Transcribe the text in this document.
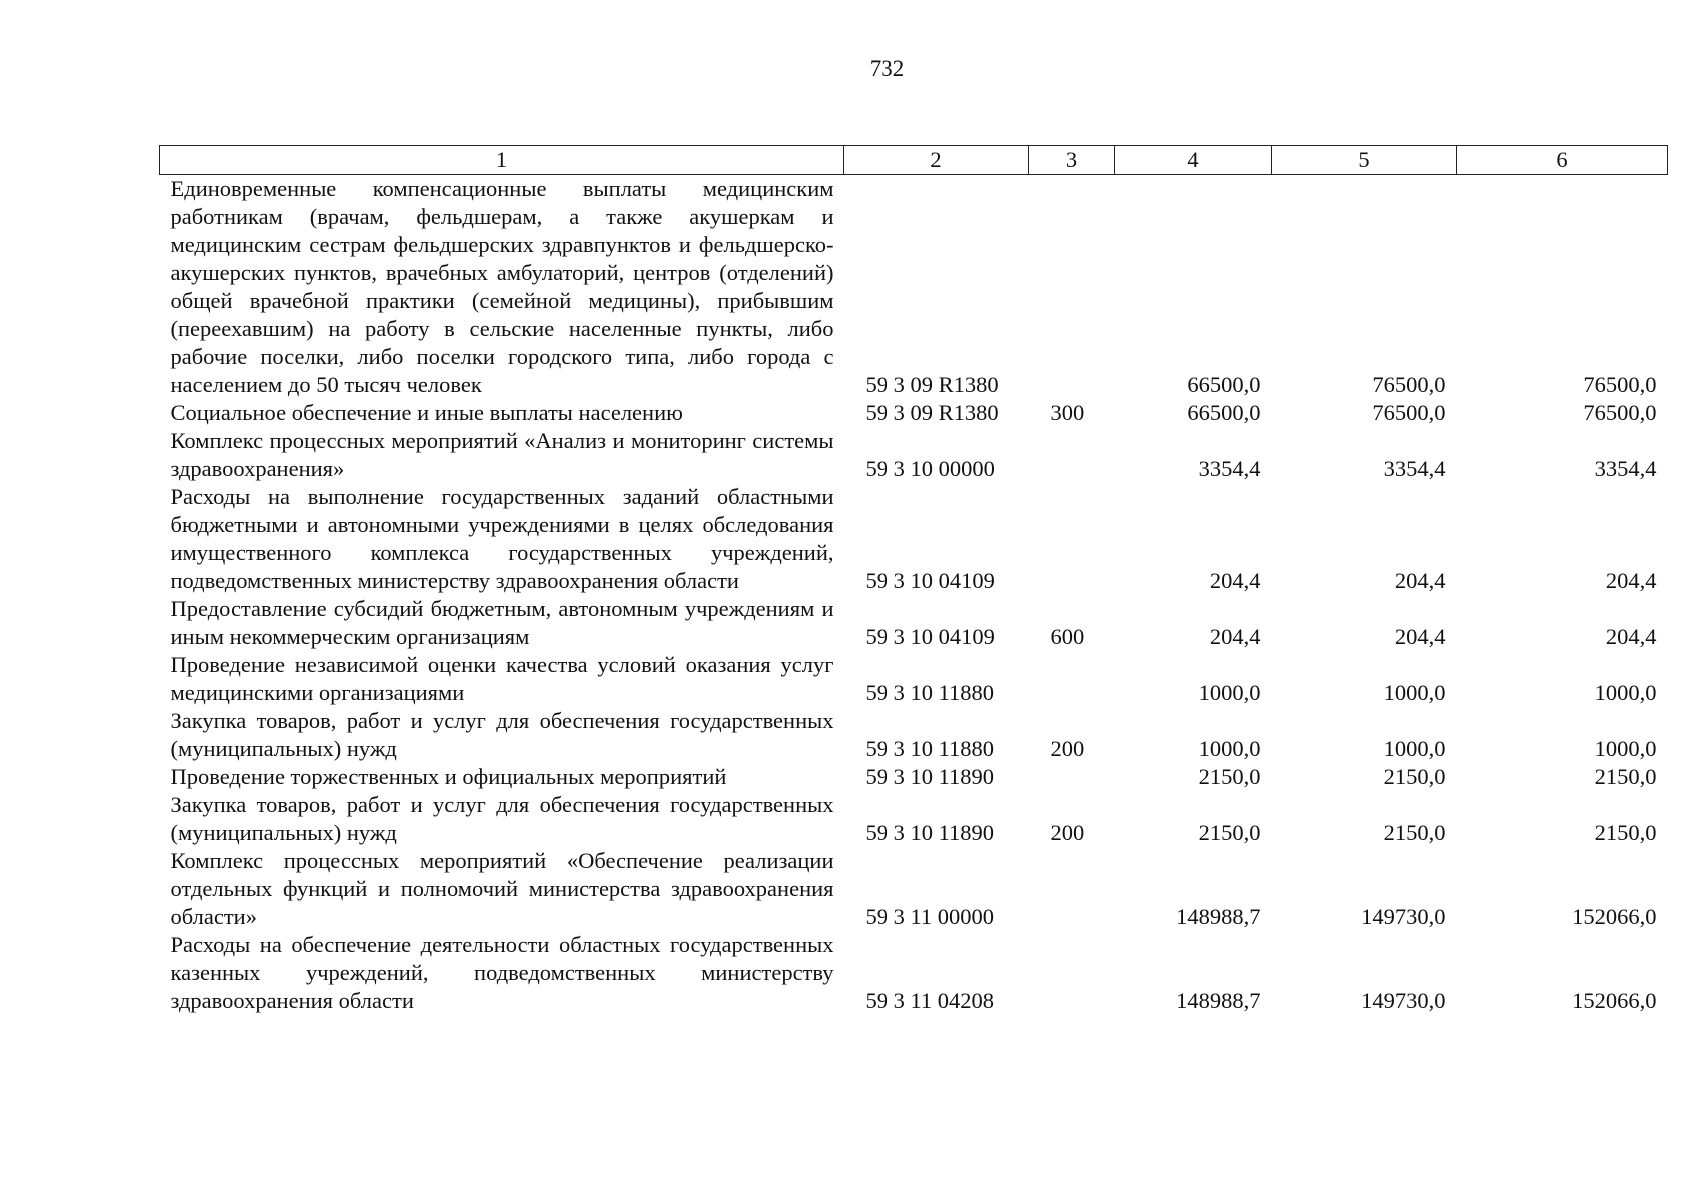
732
1	2	3	4	5	6
Единовременные компенсационные выплаты медицинским работникам (врачам, фельдшерам, а также акушеркам и медицинским сестрам фельдшерских здравпунктов и фельдшерско-акушерских пунктов, врачебных амбулаторий, центров (отделений) общей врачебной практики (семейной медицины), прибывшим (переехавшим) на работу в сельские населенные пункты, либо рабочие поселки, либо поселки городского типа, либо города с населением до 50 тысяч человек	59 3 09 R1380		66500,0	76500,0	76500,0
Социальное обеспечение и иные выплаты населению	59 3 09 R1380	300	66500,0	76500,0	76500,0
Комплекс процессных мероприятий «Анализ и мониторинг системы здравоохранения»	59 3 10 00000		3354,4	3354,4	3354,4
Расходы на выполнение государственных заданий областными бюджетными и автономными учреждениями в целях обследования имущественного комплекса государственных учреждений, подведомственных министерству здравоохранения области	59 3 10 04109		204,4	204,4	204,4
Предоставление субсидий бюджетным, автономным учреждениям и иным некоммерческим организациям	59 3 10 04109	600	204,4	204,4	204,4
Проведение независимой оценки качества условий оказания услуг медицинскими организациями	59 3 10 11880		1000,0	1000,0	1000,0
Закупка товаров, работ и услуг для обеспечения государственных (муниципальных) нужд	59 3 10 11880	200	1000,0	1000,0	1000,0
Проведение торжественных и официальных мероприятий	59 3 10 11890		2150,0	2150,0	2150,0
Закупка товаров, работ и услуг для обеспечения государственных (муниципальных) нужд	59 3 10 11890	200	2150,0	2150,0	2150,0
Комплекс процессных мероприятий «Обеспечение реализации отдельных функций и полномочий министерства здравоохранения области»	59 3 11 00000		148988,7	149730,0	152066,0
Расходы на обеспечение деятельности областных государственных казенных учреждений, подведомственных министерству здравоохранения области	59 3 11 04208		148988,7	149730,0	152066,0
